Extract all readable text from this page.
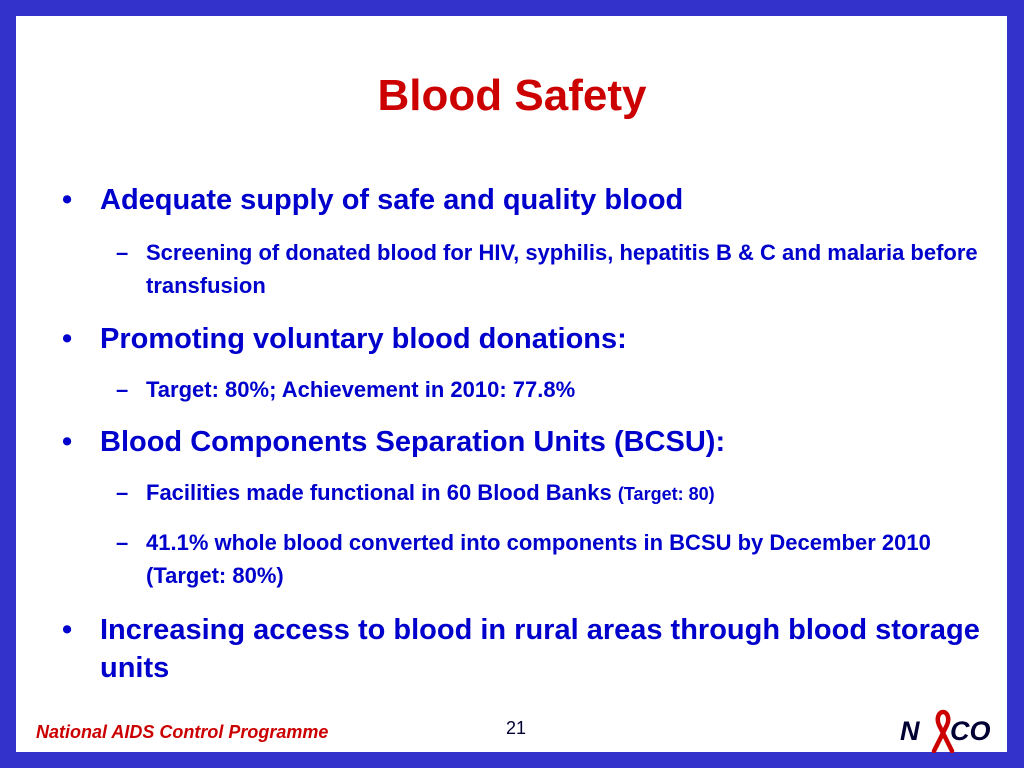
Blood Safety
• Adequate supply of safe and quality blood
– Screening of donated blood for HIV, syphilis, hepatitis B & C and malaria before transfusion
• Promoting voluntary blood donations:
– Target: 80%; Achievement in 2010: 77.8%
• Blood Components Separation Units (BCSU):
– Facilities made functional in 60 Blood Banks (Target: 80)
– 41.1% whole blood converted into components in BCSU by December 2010 (Target: 80%)
• Increasing access to blood in rural areas through blood storage units
National AIDS Control Programme	21	N CO
